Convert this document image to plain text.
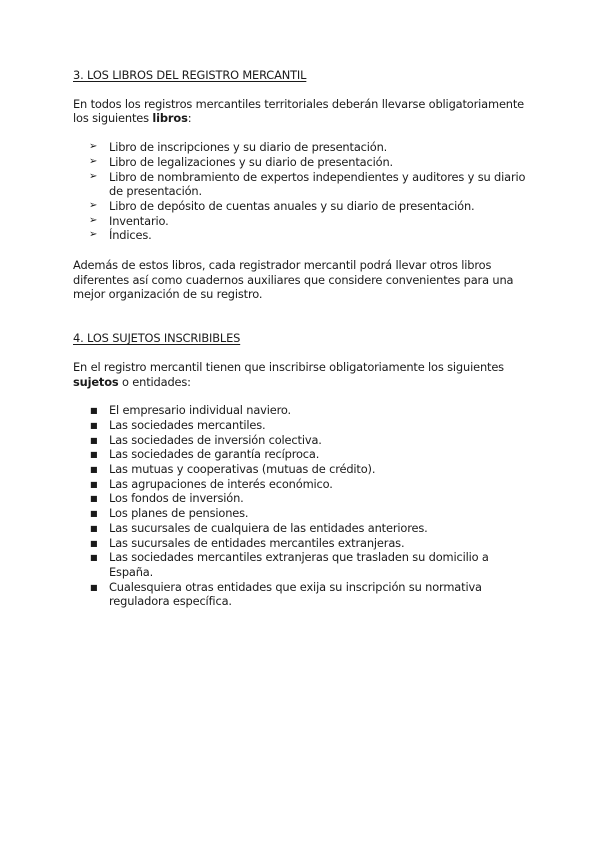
3. LOS LIBROS DEL REGISTRO MERCANTIL

En todos los registros mercantiles territoriales deberán llevarse obligatoriamente los siguientes libros:

➢ Libro de inscripciones y su diario de presentación.
➢ Libro de legalizaciones y su diario de presentación.
➢ Libro de nombramiento de expertos independientes y auditores y su diario de presentación.
➢ Libro de depósito de cuentas anuales y su diario de presentación.
➢ Inventario.
➢ Índices.

Además de estos libros, cada registrador mercantil podrá llevar otros libros diferentes así como cuadernos auxiliares que considere convenientes para una mejor organización de su registro.

4. LOS SUJETOS INSCRIBIBLES

En el registro mercantil tienen que inscribirse obligatoriamente los siguientes sujetos o entidades:

■ El empresario individual naviero.
■ Las sociedades mercantiles.
■ Las sociedades de inversión colectiva.
■ Las sociedades de garantía recíproca.
■ Las mutuas y cooperativas (mutuas de crédito).
■ Las agrupaciones de interés económico.
■ Los fondos de inversión.
■ Los planes de pensiones.
■ Las sucursales de cualquiera de las entidades anteriores.
■ Las sucursales de entidades mercantiles extranjeras.
■ Las sociedades mercantiles extranjeras que trasladen su domicilio a España.
■ Cualesquiera otras entidades que exija su inscripción su normativa reguladora específica.
